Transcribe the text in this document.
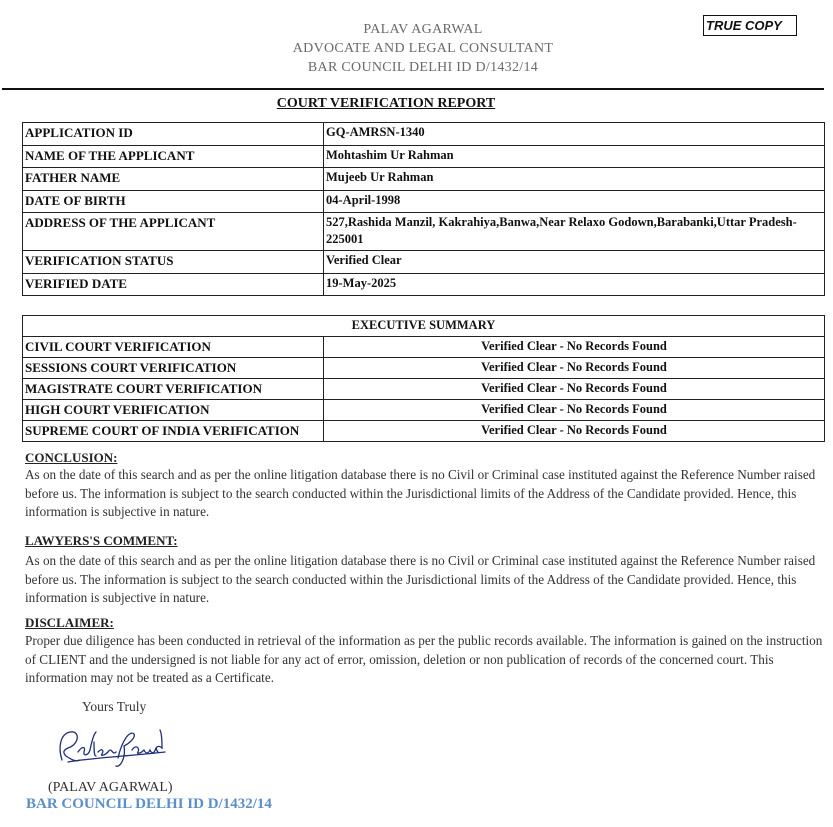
PALAV AGARWAL
ADVOCATE AND LEGAL CONSULTANT
BAR COUNCIL DELHI ID D/1432/14
TRUE COPY
COURT VERIFICATION REPORT
APPLICATION ID	GQ-AMRSN-1340
NAME OF THE APPLICANT	Mohtashim Ur Rahman
FATHER NAME	Mujeeb Ur Rahman
DATE OF BIRTH	04-April-1998
ADDRESS OF THE APPLICANT	527,Rashida Manzil, Kakrahiya,Banwa,Near Relaxo Godown,Barabanki,Uttar Pradesh-225001
VERIFICATION STATUS	Verified Clear
VERIFIED DATE	19-May-2025
EXECUTIVE SUMMARY	
CIVIL COURT VERIFICATION	Verified Clear - No Records Found
SESSIONS COURT VERIFICATION	Verified Clear - No Records Found
MAGISTRATE COURT VERIFICATION	Verified Clear - No Records Found
HIGH COURT VERIFICATION	Verified Clear - No Records Found
SUPREME COURT OF INDIA VERIFICATION	Verified Clear - No Records Found
CONCLUSION:

As on the date of this search and as per the online litigation database there is no Civil or Criminal case instituted against the Reference Number raised before us. The information is subject to the search conducted within the Jurisdictional limits of the Address of the Candidate provided. Hence, this information is subjective in nature.

LAWYERS'S COMMENT:

As on the date of this search and as per the online litigation database there is no Civil or Criminal case instituted against the Reference Number raised before us. The information is subject to the search conducted within the Jurisdictional limits of the Address of the Candidate provided. Hence, this information is subjective in nature.

DISCLAIMER:

Proper due diligence has been conducted in retrieval of the information as per the public records available. The information is gained on the instruction of CLIENT and the undersigned is not liable for any act of error, omission, deletion or non publication of records of the concerned court. This information may not be treated as a Certificate.

Yours Truly
(PALAV AGARWAL)
BAR COUNCIL DELHI ID D/1432/14
